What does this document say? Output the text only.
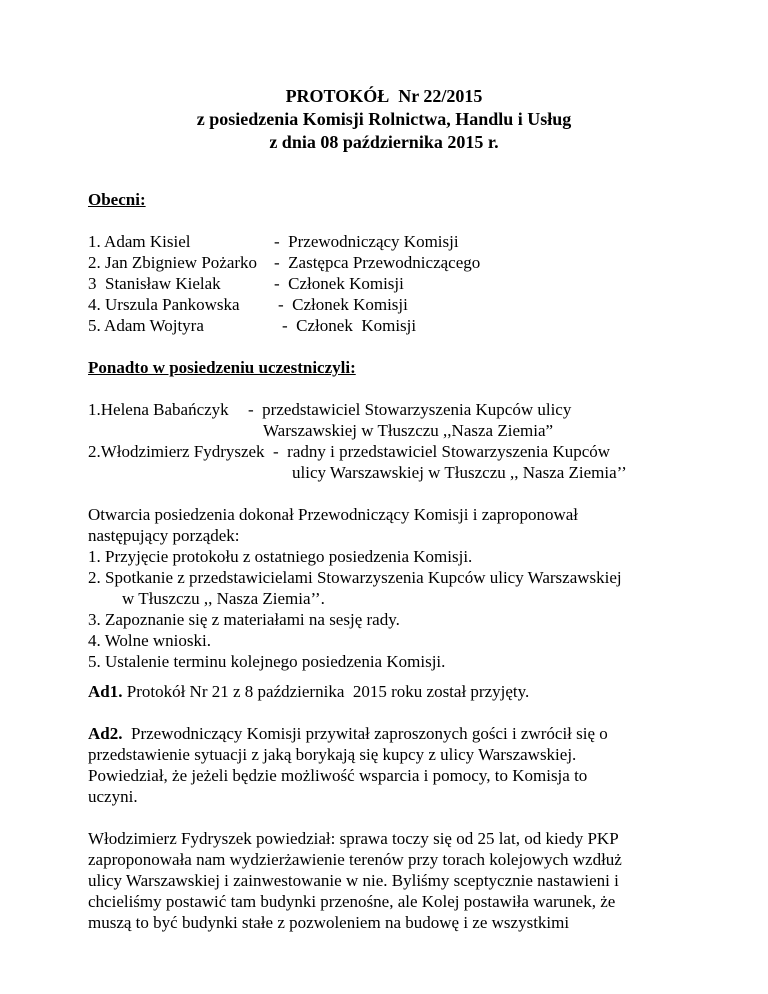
PROTOKÓŁ  Nr 22/2015
z posiedzenia Komisji Rolnictwa, Handlu i Usług
z dnia 08 października 2015 r.
Obecni:
1. Adam Kisiel	-  Przewodniczący Komisji
2. Jan Zbigniew Pożarko -  Zastępca Przewodniczącego
3  Stanisław Kielak	-  Członek Komisji
4. Urszula Pankowska -  Członek Komisji
5. Adam Wojtyra	-  Członek  Komisji
Ponadto w posiedzeniu uczestniczyli:
1.Helena Babańczyk -  przedstawiciel Stowarzyszenia Kupców ulicy
Warszawskiej w Tłuszczu ,,Nasza Ziemia”
2.Włodzimierz Fydryszek -  radny i przedstawiciel Stowarzyszenia Kupców
ulicy Warszawskiej w Tłuszczu ,, Nasza Ziemia’’
Otwarcia posiedzenia dokonał Przewodniczący Komisji i zaproponował
następujący porządek:
1. Przyjęcie protokołu z ostatniego posiedzenia Komisji.
2. Spotkanie z przedstawicielami Stowarzyszenia Kupców ulicy Warszawskiej
w Tłuszczu ,, Nasza Ziemia’’.
3. Zapoznanie się z materiałami na sesję rady.
4. Wolne wnioski.
5. Ustalenie terminu kolejnego posiedzenia Komisji.
Ad1. Protokół Nr 21 z 8 października  2015 roku został przyjęty.
Ad2.  Przewodniczący Komisji przywitał zaproszonych gości i zwrócił się o
przedstawienie sytuacji z jaką borykają się kupcy z ulicy Warszawskiej.
Powiedział, że jeżeli będzie możliwość wsparcia i pomocy, to Komisja to
uczyni.
Włodzimierz Fydryszek powiedział: sprawa toczy się od 25 lat, od kiedy PKP
zaproponowała nam wydzierżawienie terenów przy torach kolejowych wzdłuż
ulicy Warszawskiej i zainwestowanie w nie. Byliśmy sceptycznie nastawieni i
chcieliśmy postawić tam budynki przenośne, ale Kolej postawiła warunek, że
muszą to być budynki stałe z pozwoleniem na budowę i ze wszystkimi
